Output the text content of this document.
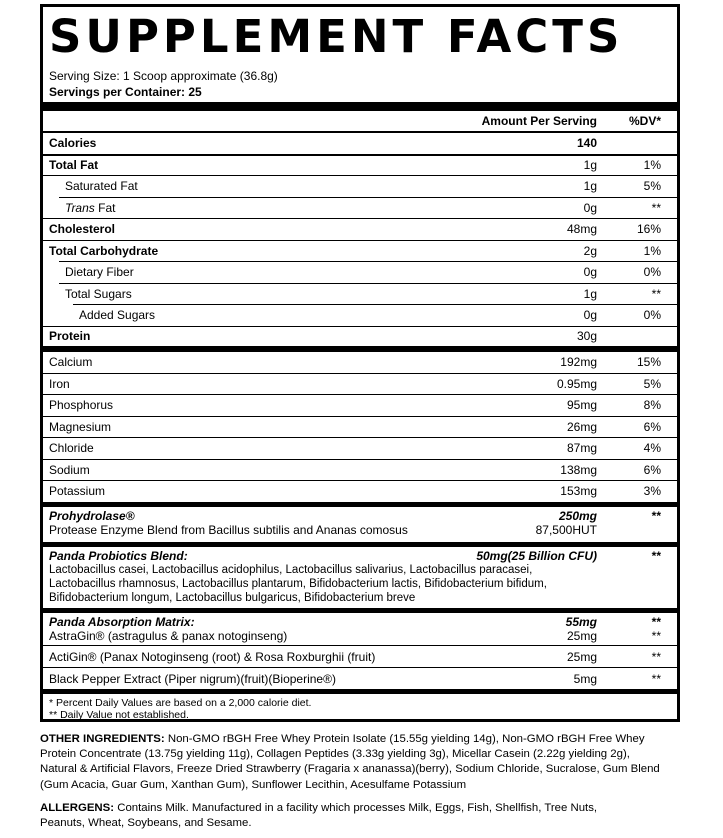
SUPPLEMENT FACTS
Serving Size: 1 Scoop approximate (36.8g)
Servings per Container: 25
Amount Per Serving	%DV*
Calories	140
Total Fat	1g	1%
Saturated Fat	1g	5%
Trans Fat	0g	**
Cholesterol	48mg	16%
Total Carbohydrate	2g	1%
Dietary Fiber	0g	0%
Total Sugars	1g	**
Added Sugars	0g	0%
Protein	30g
Calcium	192mg	15%
Iron	0.95mg	5%
Phosphorus	95mg	8%
Magnesium	26mg	6%
Chloride	87mg	4%
Sodium	138mg	6%
Potassium	153mg	3%
Prohydrolase®	250mg	**
Protease Enzyme Blend from Bacillus subtilis and Ananas comosus	87,500HUT
Panda Probiotics Blend:	50mg(25 Billion CFU)	**
Lactobacillus casei, Lactobacillus acidophilus, Lactobacillus salivarius, Lactobacillus paracasei,
Lactobacillus rhamnosus, Lactobacillus plantarum, Bifidobacterium lactis, Bifidobacterium bifidum,
Bifidobacterium longum, Lactobacillus bulgaricus, Bifidobacterium breve
Panda Absorption Matrix:	55mg	**
AstraGin® (astragulus & panax notoginseng)	25mg	**
ActiGin® (Panax Notoginseng (root) & Rosa Roxburghii (fruit)	25mg	**
Black Pepper Extract (Piper nigrum)(fruit)(Bioperine®)	5mg	**
* Percent Daily Values are based on a 2,000 calorie diet.
** Daily Value not established.
OTHER INGREDIENTS: Non-GMO rBGH Free Whey Protein Isolate (15.55g yielding 14g), Non-GMO rBGH Free Whey
Protein Concentrate (13.75g yielding 11g), Collagen Peptides (3.33g yielding 3g), Micellar Casein (2.22g yielding 2g),
Natural & Artificial Flavors, Freeze Dried Strawberry (Fragaria x ananassa)(berry), Sodium Chloride, Sucralose, Gum Blend
(Gum Acacia, Guar Gum, Xanthan Gum), Sunflower Lecithin, Acesulfame Potassium
ALLERGENS: Contains Milk. Manufactured in a facility which processes Milk, Eggs, Fish, Shellfish, Tree Nuts,
Peanuts, Wheat, Soybeans, and Sesame.
